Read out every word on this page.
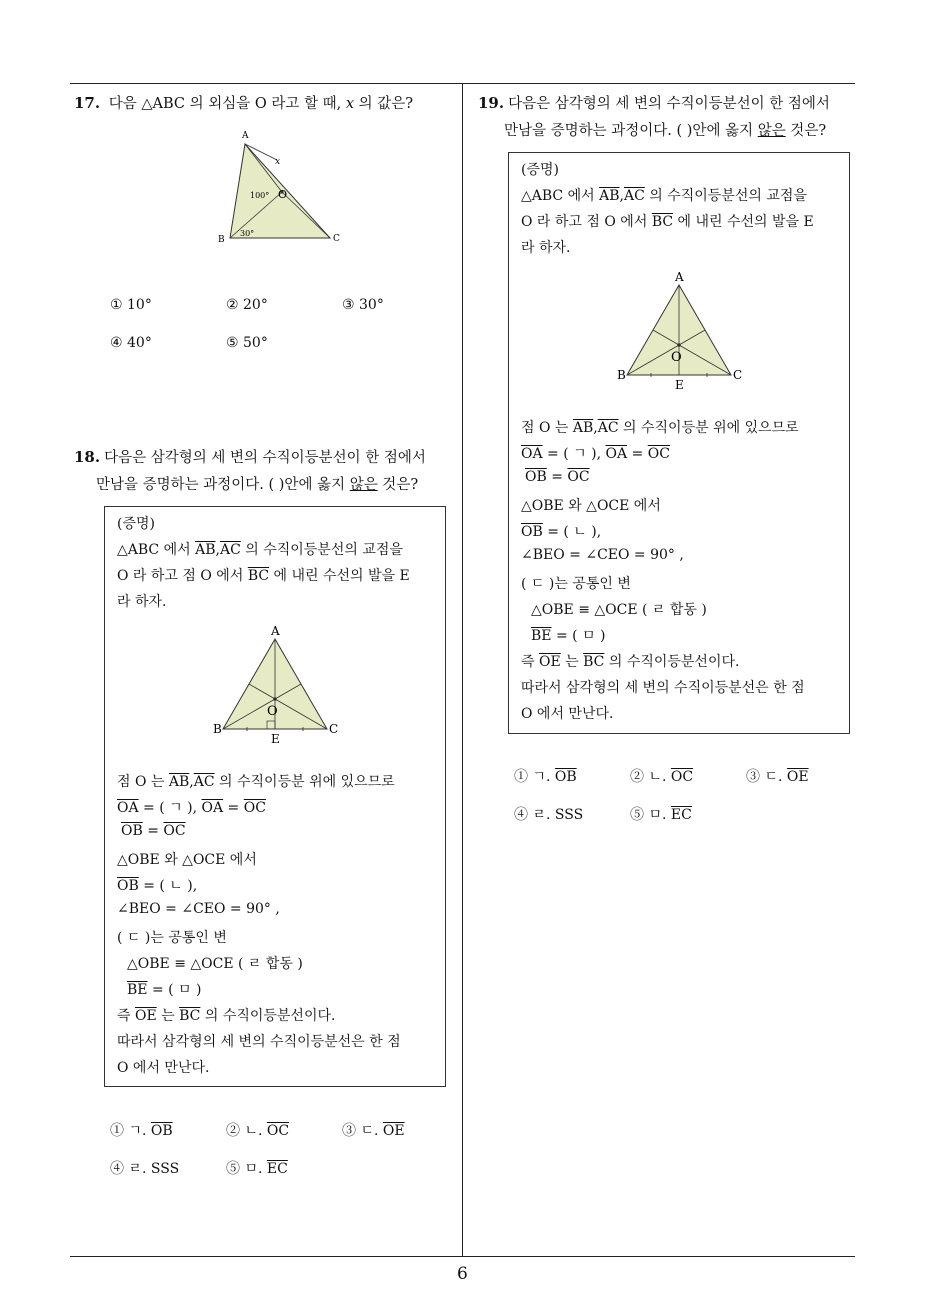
17. 다음 △ABC 의 외심을 O 라고 할 때, x 의 값은?
A
B	C
O
x
100°
30°
① 10°	② 20°	③ 30°
④ 40°	⑤ 50°
18. 다음은 삼각형의 세 변의 수직이등분선이 한 점에서
만남을 증명하는 과정이다. ( )안에 옳지 않은 것은?
(증명)
△ABC 에서 $\overline{AB},\overline{AC}$ 의 수직이등분선의 교점을
O 라 하고 점 O 에서 $\overline{BC}$ 에 내린 수선의 발을 E
라 하자.
A
B	C
O
E
점 O 는 $\overline{AB},\overline{AC}$ 의 수직이등분 위에 있으므로
$\overline{OA}$ = ( ㄱ ), $\overline{OA} = \overline{OC}$
$\overline{OB} = \overline{OC}$
△OBE 와 △OCE 에서
$\overline{OB}$ = ( ㄴ ),
∠BEO = ∠CEO = 90° ,
( ㄷ )는 공통인 변
△OBE ≡ △OCE ( ㄹ 합동 )
$\overline{BE}$ = ( ㅁ )
즉 $\overline{OE}$ 는 $\overline{BC}$ 의 수직이등분선이다.
따라서 삼각형의 세 변의 수직이등분선은 한 점
O 에서 만난다.
① ㄱ. $\overline{OB}$	② ㄴ. $\overline{OC}$	③ ㄷ. $\overline{OE}$
④ ㄹ. SSS	⑤ ㅁ. $\overline{EC}$
19. 다음은 삼각형의 세 변의 수직이등분선이 한 점에서
만남을 증명하는 과정이다. ( )안에 옳지 않은 것은?
(증명)
△ABC 에서 $\overline{AB},\overline{AC}$ 의 수직이등분선의 교점을
O 라 하고 점 O 에서 $\overline{BC}$ 에 내린 수선의 발을 E
라 하자.
A
B	C
O
E
점 O 는 $\overline{AB},\overline{AC}$ 의 수직이등분 위에 있으므로
$\overline{OA}$ = ( ㄱ ), $\overline{OA} = \overline{OC}$
$\overline{OB} = \overline{OC}$
△OBE 와 △OCE 에서
$\overline{OB}$ = ( ㄴ ),
∠BEO = ∠CEO = 90° ,
( ㄷ )는 공통인 변
△OBE ≡ △OCE ( ㄹ 합동 )
$\overline{BE}$ = ( ㅁ )
즉 $\overline{OE}$ 는 $\overline{BC}$ 의 수직이등분선이다.
따라서 삼각형의 세 변의 수직이등분선은 한 점
O 에서 만난다.
① ㄱ. $\overline{OB}$	② ㄴ. $\overline{OC}$	③ ㄷ. $\overline{OE}$
④ ㄹ. SSS	⑤ ㅁ. $\overline{EC}$
6
